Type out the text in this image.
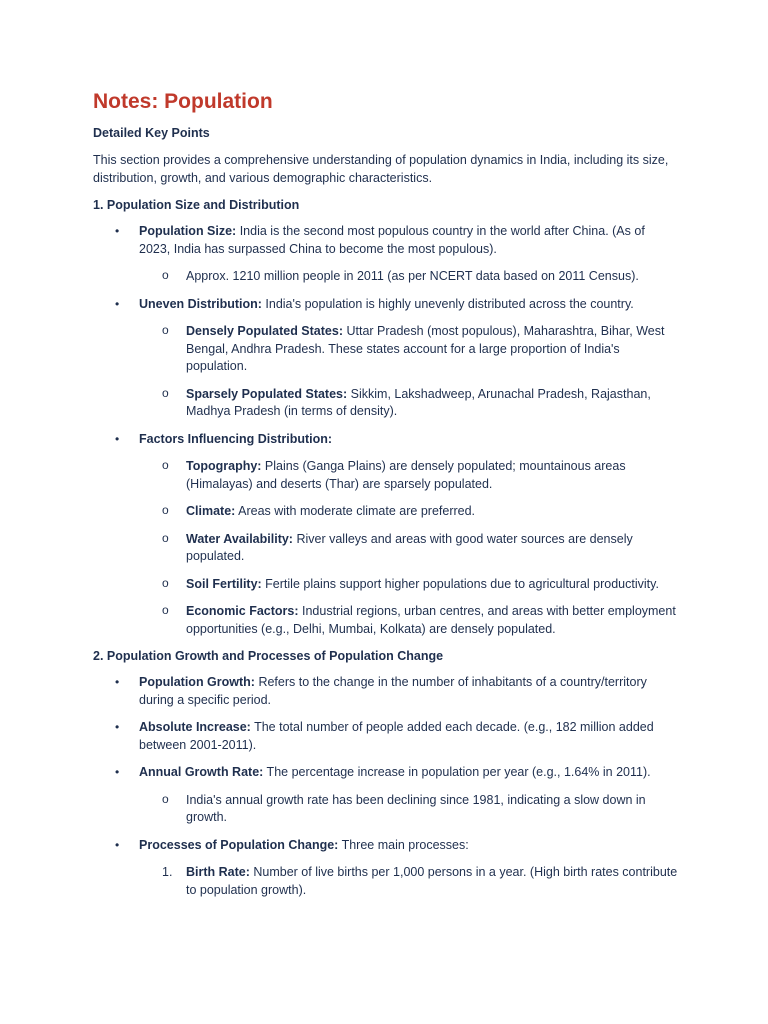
Notes: Population
Detailed Key Points

This section provides a comprehensive understanding of population dynamics in India, including its size, distribution, growth, and various demographic characteristics.

1. Population Size and Distribution
• Population Size: India is the second most populous country in the world after China. (As of 2023, India has surpassed China to become the most populous).
o Approx. 1210 million people in 2011 (as per NCERT data based on 2011 Census).
• Uneven Distribution: India's population is highly unevenly distributed across the country.
o Densely Populated States: Uttar Pradesh (most populous), Maharashtra, Bihar, West Bengal, Andhra Pradesh. These states account for a large proportion of India's population.
o Sparsely Populated States: Sikkim, Lakshadweep, Arunachal Pradesh, Rajasthan, Madhya Pradesh (in terms of density).
• Factors Influencing Distribution:
o Topography: Plains (Ganga Plains) are densely populated; mountainous areas (Himalayas) and deserts (Thar) are sparsely populated.
o Climate: Areas with moderate climate are preferred.
o Water Availability: River valleys and areas with good water sources are densely populated.
o Soil Fertility: Fertile plains support higher populations due to agricultural productivity.
o Economic Factors: Industrial regions, urban centres, and areas with better employment opportunities (e.g., Delhi, Mumbai, Kolkata) are densely populated.
2. Population Growth and Processes of Population Change
• Population Growth: Refers to the change in the number of inhabitants of a country/territory during a specific period.
• Absolute Increase: The total number of people added each decade. (e.g., 182 million added between 2001-2011).
• Annual Growth Rate: The percentage increase in population per year (e.g., 1.64% in 2011).
o India's annual growth rate has been declining since 1981, indicating a slow down in growth.
• Processes of Population Change: Three main processes:
1. Birth Rate: Number of live births per 1,000 persons in a year. (High birth rates contribute to population growth).
